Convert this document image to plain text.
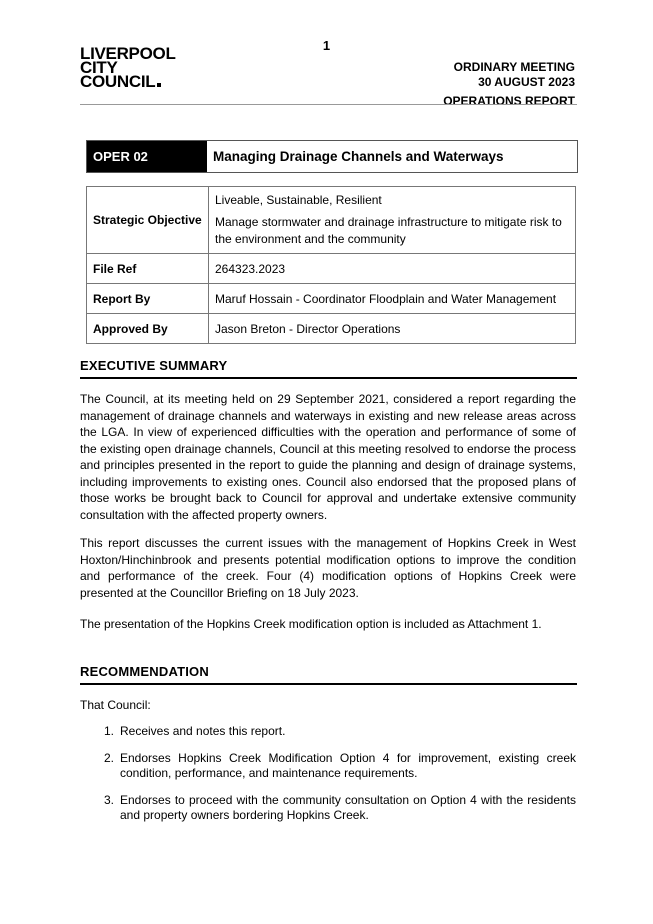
1
LIVERPOOL
CITY
COUNCIL
ORDINARY MEETING
30 AUGUST 2023
OPERATIONS REPORT
OPER 02	Managing Drainage Channels and Waterways
Strategic Objective	Liveable, Sustainable, Resilient

Manage stormwater and drainage infrastructure to mitigate risk to the environment and the community

File Ref	264323.2023
Report By	Maruf Hossain - Coordinator Floodplain and Water Management
Approved By	Jason Breton - Director Operations
EXECUTIVE SUMMARY

The Council, at its meeting held on 29 September 2021, considered a report regarding the management of drainage channels and waterways in existing and new release areas across the LGA. In view of experienced difficulties with the operation and performance of some of the existing open drainage channels, Council at this meeting resolved to endorse the process and principles presented in the report to guide the planning and design of drainage systems, including improvements to existing ones. Council also endorsed that the proposed plans of those works be brought back to Council for approval and undertake extensive community consultation with the affected property owners.

This report discusses the current issues with the management of Hopkins Creek in West Hoxton/Hinchinbrook and presents potential modification options to improve the condition and performance of the creek. Four (4) modification options of Hopkins Creek were presented at the Councillor Briefing on 18 July 2023.

The presentation of the Hopkins Creek modification option is included as Attachment 1.

RECOMMENDATION

That Council:

1. Receives and notes this report.
2. Endorses Hopkins Creek Modification Option 4 for improvement, existing creek condition, performance, and maintenance requirements.
3. Endorses to proceed with the community consultation on Option 4 with the residents and property owners bordering Hopkins Creek.
